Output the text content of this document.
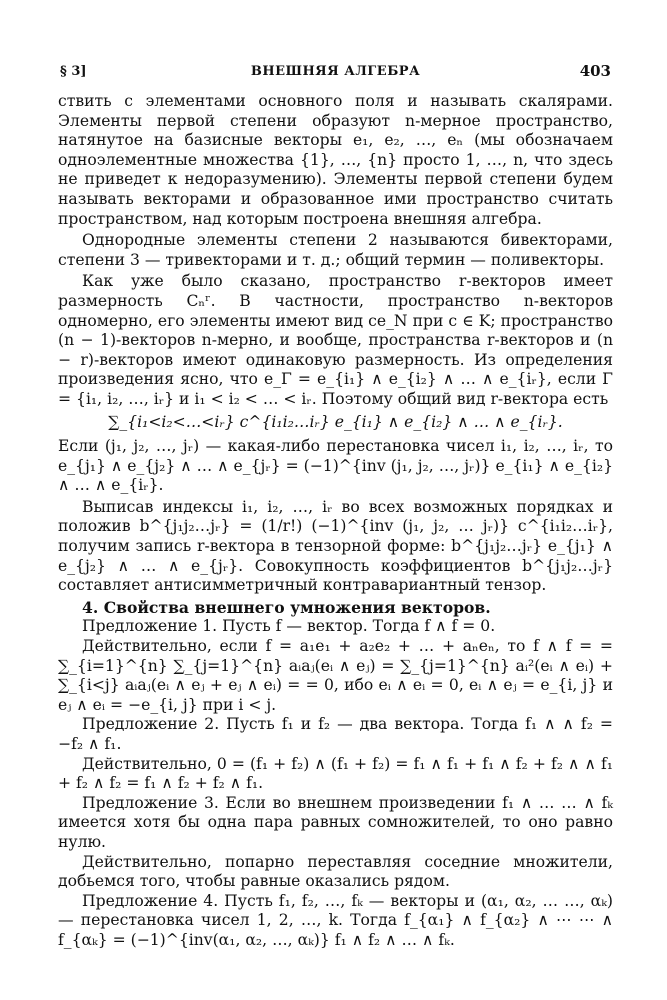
§ 3]	ВНЕШНЯЯ АЛГЕБРА	403

ствить с элементами основного поля и называть скалярами. Элементы первой степени образуют n-мерное пространство, натянутое на базисные векторы e₁, e₂, …, eₙ (мы обозначаем одноэлементные множества {1}, …, {n} просто 1, …, n, что здесь не приведет к недоразумению). Элементы первой степени будем называть векторами и образованное ими пространство считать пространством, над которым построена внешняя алгебра.

Однородные элементы степени 2 называются бивекторами, степени 3 — тривекторами и т. д.; общий термин — поливекторы.

Как уже было сказано, пространство r-векторов имеет размерность Cₙʳ. В частности, пространство n-векторов одномерно, его элементы имеют вид ce_N при c ∈ K; пространство (n − 1)-векторов n-мерно, и вообще, пространства r-векторов и (n − r)-векторов имеют одинаковую размерность. Из определения произведения ясно, что e_Γ = e_{i₁} ∧ e_{i₂} ∧ … ∧ e_{iᵣ}, если Γ = {i₁, i₂, …, iᵣ} и i₁ < i₂ < … < iᵣ. Поэтому общий вид r-вектора есть

∑_{i₁<i₂<…<iᵣ} c^{i₁i₂…iᵣ} e_{i₁} ∧ e_{i₂} ∧ … ∧ e_{iᵣ}.

Если (j₁, j₂, …, jᵣ) — какая-либо перестановка чисел i₁, i₂, …, iᵣ, то e_{j₁} ∧ e_{j₂} ∧ … ∧ e_{jᵣ} = (−1)^{inv (j₁, j₂, …, jᵣ)} e_{i₁} ∧ e_{i₂} ∧ … ∧ e_{iᵣ}.

Выписав индексы i₁, i₂, …, iᵣ во всех возможных порядках и положив b^{j₁j₂…jᵣ} = (1/r!) (−1)^{inv (j₁, j₂, … jᵣ)} c^{i₁i₂…iᵣ}, получим запись r-вектора в тензорной форме: b^{j₁j₂…jᵣ} e_{j₁} ∧ e_{j₂} ∧ … ∧ e_{jᵣ}. Совокупность коэффициентов b^{j₁j₂…jᵣ} составляет антисимметричный контравариантный тензор.

4. Свойства внешнего умножения векторов.

Предложение 1. Пусть f — вектор. Тогда f ∧ f = 0.

Действительно, если f = a₁e₁ + a₂e₂ + … + aₙeₙ, то f ∧ f = = ∑_{i=1}^{n} ∑_{j=1}^{n} aᵢaⱼ(eᵢ ∧ eⱼ) = ∑_{j=1}^{n} aᵢ²(eᵢ ∧ eᵢ) + ∑_{i<j} aᵢaⱼ(eᵢ ∧ eⱼ + eⱼ ∧ eᵢ) = = 0, ибо eᵢ ∧ eᵢ = 0, eᵢ ∧ eⱼ = e_{i, j} и eⱼ ∧ eᵢ = −e_{i, j} при i < j.

Предложение 2. Пусть f₁ и f₂ — два вектора. Тогда f₁ ∧ ∧ f₂ = −f₂ ∧ f₁.

Действительно, 0 = (f₁ + f₂) ∧ (f₁ + f₂) = f₁ ∧ f₁ + f₁ ∧ f₂ + f₂ ∧ ∧ f₁ + f₂ ∧ f₂ = f₁ ∧ f₂ + f₂ ∧ f₁.

Предложение 3. Если во внешнем произведении f₁ ∧ … … ∧ fₖ имеется хотя бы одна пара равных сомножителей, то оно равно нулю.

Действительно, попарно переставляя соседние множители, добьемся того, чтобы равные оказались рядом.

Предложение 4. Пусть f₁, f₂, …, fₖ — векторы и (α₁, α₂, … …, αₖ) — перестановка чисел 1, 2, …, k. Тогда f_{α₁} ∧ f_{α₂} ∧ ⋯ ⋯ ∧ f_{αₖ} = (−1)^{inv(α₁, α₂, …, αₖ)} f₁ ∧ f₂ ∧ … ∧ fₖ.
